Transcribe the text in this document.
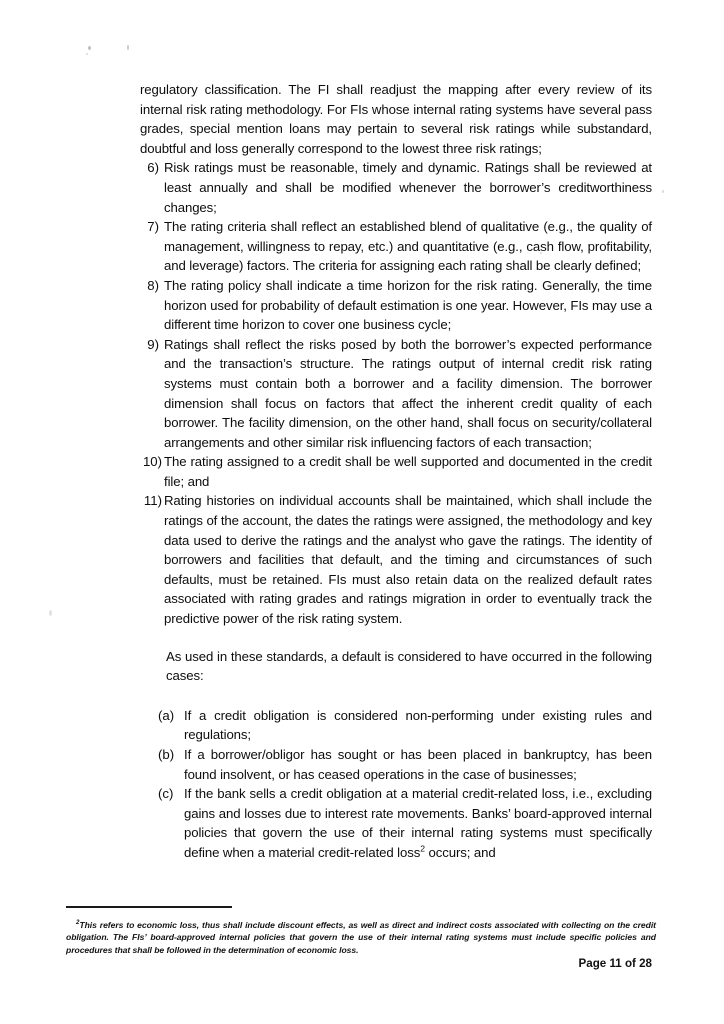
regulatory classification. The FI shall readjust the mapping after every review of its internal risk rating methodology. For FIs whose internal rating systems have several pass grades, special mention loans may pertain to several risk ratings while substandard, doubtful and loss generally correspond to the lowest three risk ratings;

6) Risk ratings must be reasonable, timely and dynamic. Ratings shall be reviewed at least annually and shall be modified whenever the borrower’s creditworthiness changes;
7) The rating criteria shall reflect an established blend of qualitative (e.g., the quality of management, willingness to repay, etc.) and quantitative (e.g., cash flow, profitability, and leverage) factors. The criteria for assigning each rating shall be clearly defined;
8) The rating policy shall indicate a time horizon for the risk rating. Generally, the time horizon used for probability of default estimation is one year. However, FIs may use a different time horizon to cover one business cycle;
9) Ratings shall reflect the risks posed by both the borrower’s expected performance and the transaction’s structure. The ratings output of internal credit risk rating systems must contain both a borrower and a facility dimension. The borrower dimension shall focus on factors that affect the inherent credit quality of each borrower. The facility dimension, on the other hand, shall focus on security/collateral arrangements and other similar risk influencing factors of each transaction;
10) The rating assigned to a credit shall be well supported and documented in the credit file; and
11) Rating histories on individual accounts shall be maintained, which shall include the ratings of the account, the dates the ratings were assigned, the methodology and key data used to derive the ratings and the analyst who gave the ratings. The identity of borrowers and facilities that default, and the timing and circumstances of such defaults, must be retained. FIs must also retain data on the realized default rates associated with rating grades and ratings migration in order to eventually track the predictive power of the risk rating system.

As used in these standards, a default is considered to have occurred in the following cases:

(a) If a credit obligation is considered non-performing under existing rules and regulations;
(b) If a borrower/obligor has sought or has been placed in bankruptcy, has been found insolvent, or has ceased operations in the case of businesses;
(c) If the bank sells a credit obligation at a material credit-related loss, i.e., excluding gains and losses due to interest rate movements. Banks’ board-approved internal policies that govern the use of their internal rating systems must specifically define when a material credit-related loss$^2$ occurs; and
$^2$This refers to economic loss, thus shall include discount effects, as well as direct and indirect costs associated with collecting on the credit obligation. The FIs’ board-approved internal policies that govern the use of their internal rating systems must include specific policies and procedures that shall be followed in the determination of economic loss.
Page 11 of 28
